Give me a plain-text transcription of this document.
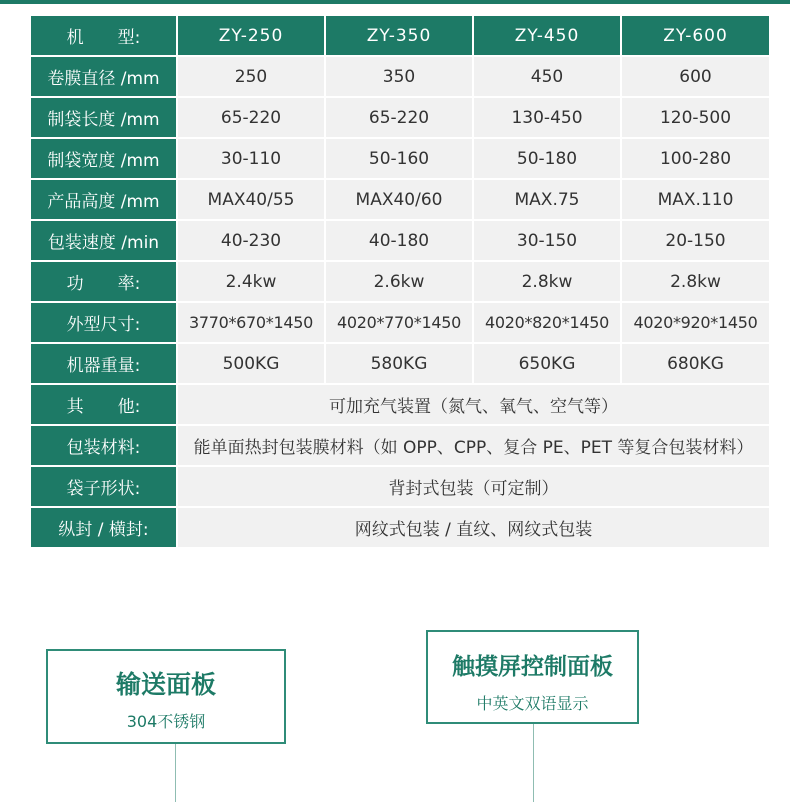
机　　型:	ZY-250	ZY-350	ZY-450	ZY-600
卷膜直径 /mm	250	350	450	600
制袋长度 /mm	65-220	65-220	130-450	120-500
制袋宽度 /mm	30-110	50-160	50-180	100-280
产品高度 /mm	MAX40/55	MAX40/60	MAX.75	MAX.110
包装速度 /min	40-230	40-180	30-150	20-150
功　　率:	2.4kw	2.6kw	2.8kw	2.8kw
外型尺寸:	3770*670*1450	4020*770*1450	4020*820*1450	4020*920*1450
机器重量:	500KG	580KG	650KG	680KG
其　　他:	可加充气装置（氮气、氧气、空气等）			
包装材料:	能单面热封包装膜材料（如 OPP、CPP、复合 PE、PET 等复合包装材料）			
袋子形状:	背封式包装（可定制）			
纵封 / 横封:	网纹式包装 / 直纹、网纹式包装			
输送面板
304不锈钢
触摸屏控制面板
中英文双语显示
